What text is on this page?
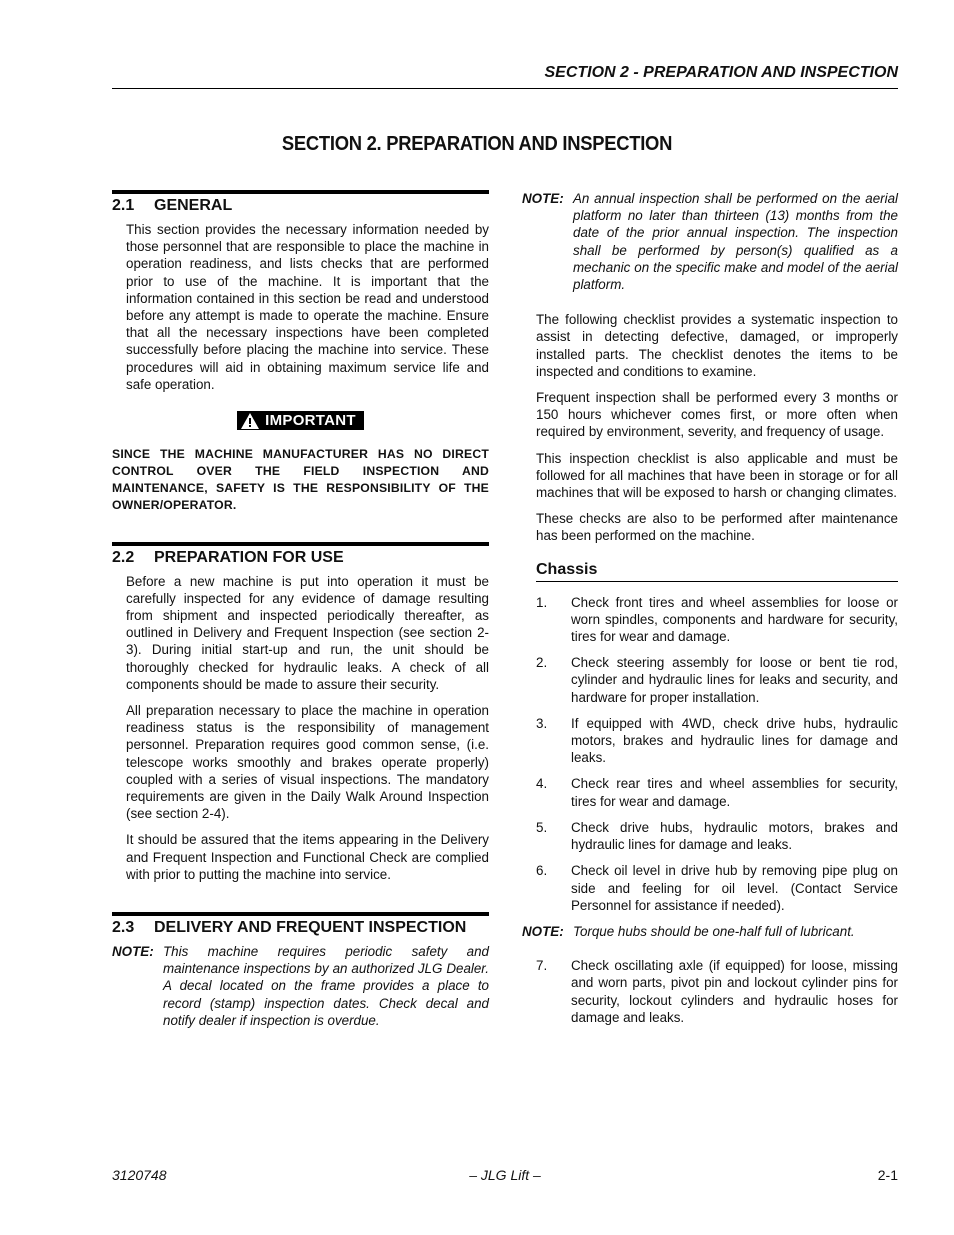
SECTION 2 - PREPARATION AND INSPECTION
SECTION 2. PREPARATION AND INSPECTION
2.1	GENERAL

This section provides the necessary information needed by those personnel that are responsible to place the machine in operation readiness, and lists checks that are performed prior to use of the machine. It is important that the information contained in this section be read and understood before any attempt is made to operate the machine. Ensure that all the necessary inspections have been completed successfully before placing the machine into service. These procedures will aid in obtaining maximum service life and safe operation.

IMPORTANT

SINCE THE MACHINE MANUFACTURER HAS NO DIRECT CONTROL OVER THE FIELD INSPECTION AND MAINTENANCE, SAFETY IS THE RESPONSIBILITY OF THE OWNER/OPERATOR.

2.2	PREPARATION FOR USE

Before a new machine is put into operation it must be carefully inspected for any evidence of damage resulting from shipment and inspected periodically thereafter, as outlined in Delivery and Frequent Inspection (see section 2-3). During initial start-up and run, the unit should be thoroughly checked for hydraulic leaks. A check of all components should be made to assure their security.

All preparation necessary to place the machine in operation readiness status is the responsibility of management personnel. Preparation requires good common sense, (i.e. telescope works smoothly and brakes operate properly) coupled with a series of visual inspections. The mandatory requirements are given in the Daily Walk Around Inspection (see section 2-4).

It should be assured that the items appearing in the Delivery and Frequent Inspection and Functional Check are complied with prior to putting the machine into service.

2.3	DELIVERY AND FREQUENT INSPECTION
NOTE: This machine requires periodic safety and maintenance inspections by an authorized JLG Dealer. A decal located on the frame provides a place to record (stamp) inspection dates. Check decal and notify dealer if inspection is overdue.
NOTE: An annual inspection shall be performed on the aerial platform no later than thirteen (13) months from the date of the prior annual inspection. The inspection shall be performed by person(s) qualified as a mechanic on the specific make and model of the aerial platform.

The following checklist provides a systematic inspection to assist in detecting defective, damaged, or improperly installed parts. The checklist denotes the items to be inspected and conditions to examine.

Frequent inspection shall be performed every 3 months or 150 hours whichever comes first, or more often when required by environment, severity, and frequency of usage.

This inspection checklist is also applicable and must be followed for all machines that have been in storage or for all machines that will be exposed to harsh or changing climates.

These checks are also to be performed after maintenance has been performed on the machine.

Chassis
1.	Check front tires and wheel assemblies for loose or worn spindles, components and hardware for security, tires for wear and damage.
2.	Check steering assembly for loose or bent tie rod, cylinder and hydraulic lines for leaks and security, and hardware for proper installation.
3.	If equipped with 4WD, check drive hubs, hydraulic motors, brakes and hydraulic lines for damage and leaks.
4.	Check rear tires and wheel assemblies for security, tires for wear and damage.
5.	Check drive hubs, hydraulic motors, brakes and hydraulic lines for damage and leaks.
6.	Check oil level in drive hub by removing pipe plug on side and feeling for oil level. (Contact Service Personnel for assistance if needed).
NOTE: Torque hubs should be one-half full of lubricant.
7.	Check oscillating axle (if equipped) for loose, missing and worn parts, pivot pin and lockout cylinder pins for security, lockout cylinders and hydraulic hoses for damage and leaks.
3120748	– JLG Lift –	2-1
